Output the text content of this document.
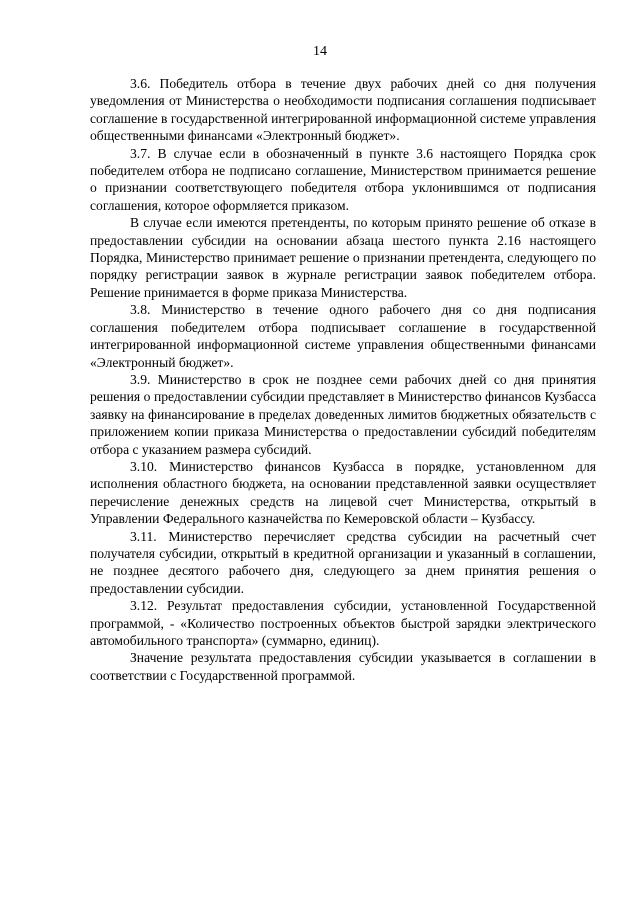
14

3.6. Победитель отбора в течение двух рабочих дней со дня получения уведомления от Министерства о необходимости подписания соглашения подписывает соглашение в государственной интегрированной информационной системе управления общественными финансами «Электронный бюджет».

3.7. В случае если в обозначенный в пункте 3.6 настоящего Порядка срок победителем отбора не подписано соглашение, Министерством принимается решение о признании соответствующего победителя отбора уклонившимся от подписания соглашения, которое оформляется приказом.

В случае если имеются претенденты, по которым принято решение об отказе в предоставлении субсидии на основании абзаца шестого пункта 2.16 настоящего Порядка, Министерство принимает решение о признании претендента, следующего по порядку регистрации заявок в журнале регистрации заявок победителем отбора. Решение принимается в форме приказа Министерства.

3.8. Министерство в течение одного рабочего дня со дня подписания соглашения победителем отбора подписывает соглашение в государственной интегрированной информационной системе управления общественными финансами «Электронный бюджет».

3.9. Министерство в срок не позднее семи рабочих дней со дня принятия решения о предоставлении субсидии представляет в Министерство финансов Кузбасса заявку на финансирование в пределах доведенных лимитов бюджетных обязательств с приложением копии приказа Министерства о предоставлении субсидий победителям отбора с указанием размера субсидий.

3.10. Министерство финансов Кузбасса в порядке, установленном для исполнения областного бюджета, на основании представленной заявки осуществляет перечисление денежных средств на лицевой счет Министерства, открытый в Управлении Федерального казначейства по Кемеровской области – Кузбассу.

3.11. Министерство перечисляет средства субсидии на расчетный счет получателя субсидии, открытый в кредитной организации и указанный в соглашении, не позднее десятого рабочего дня, следующего за днем принятия решения о предоставлении субсидии.

3.12. Результат предоставления субсидии, установленной Государственной программой, - «Количество построенных объектов быстрой зарядки электрического автомобильного транспорта» (суммарно, единиц).

Значение результата предоставления субсидии указывается в соглашении в соответствии с Государственной программой.
